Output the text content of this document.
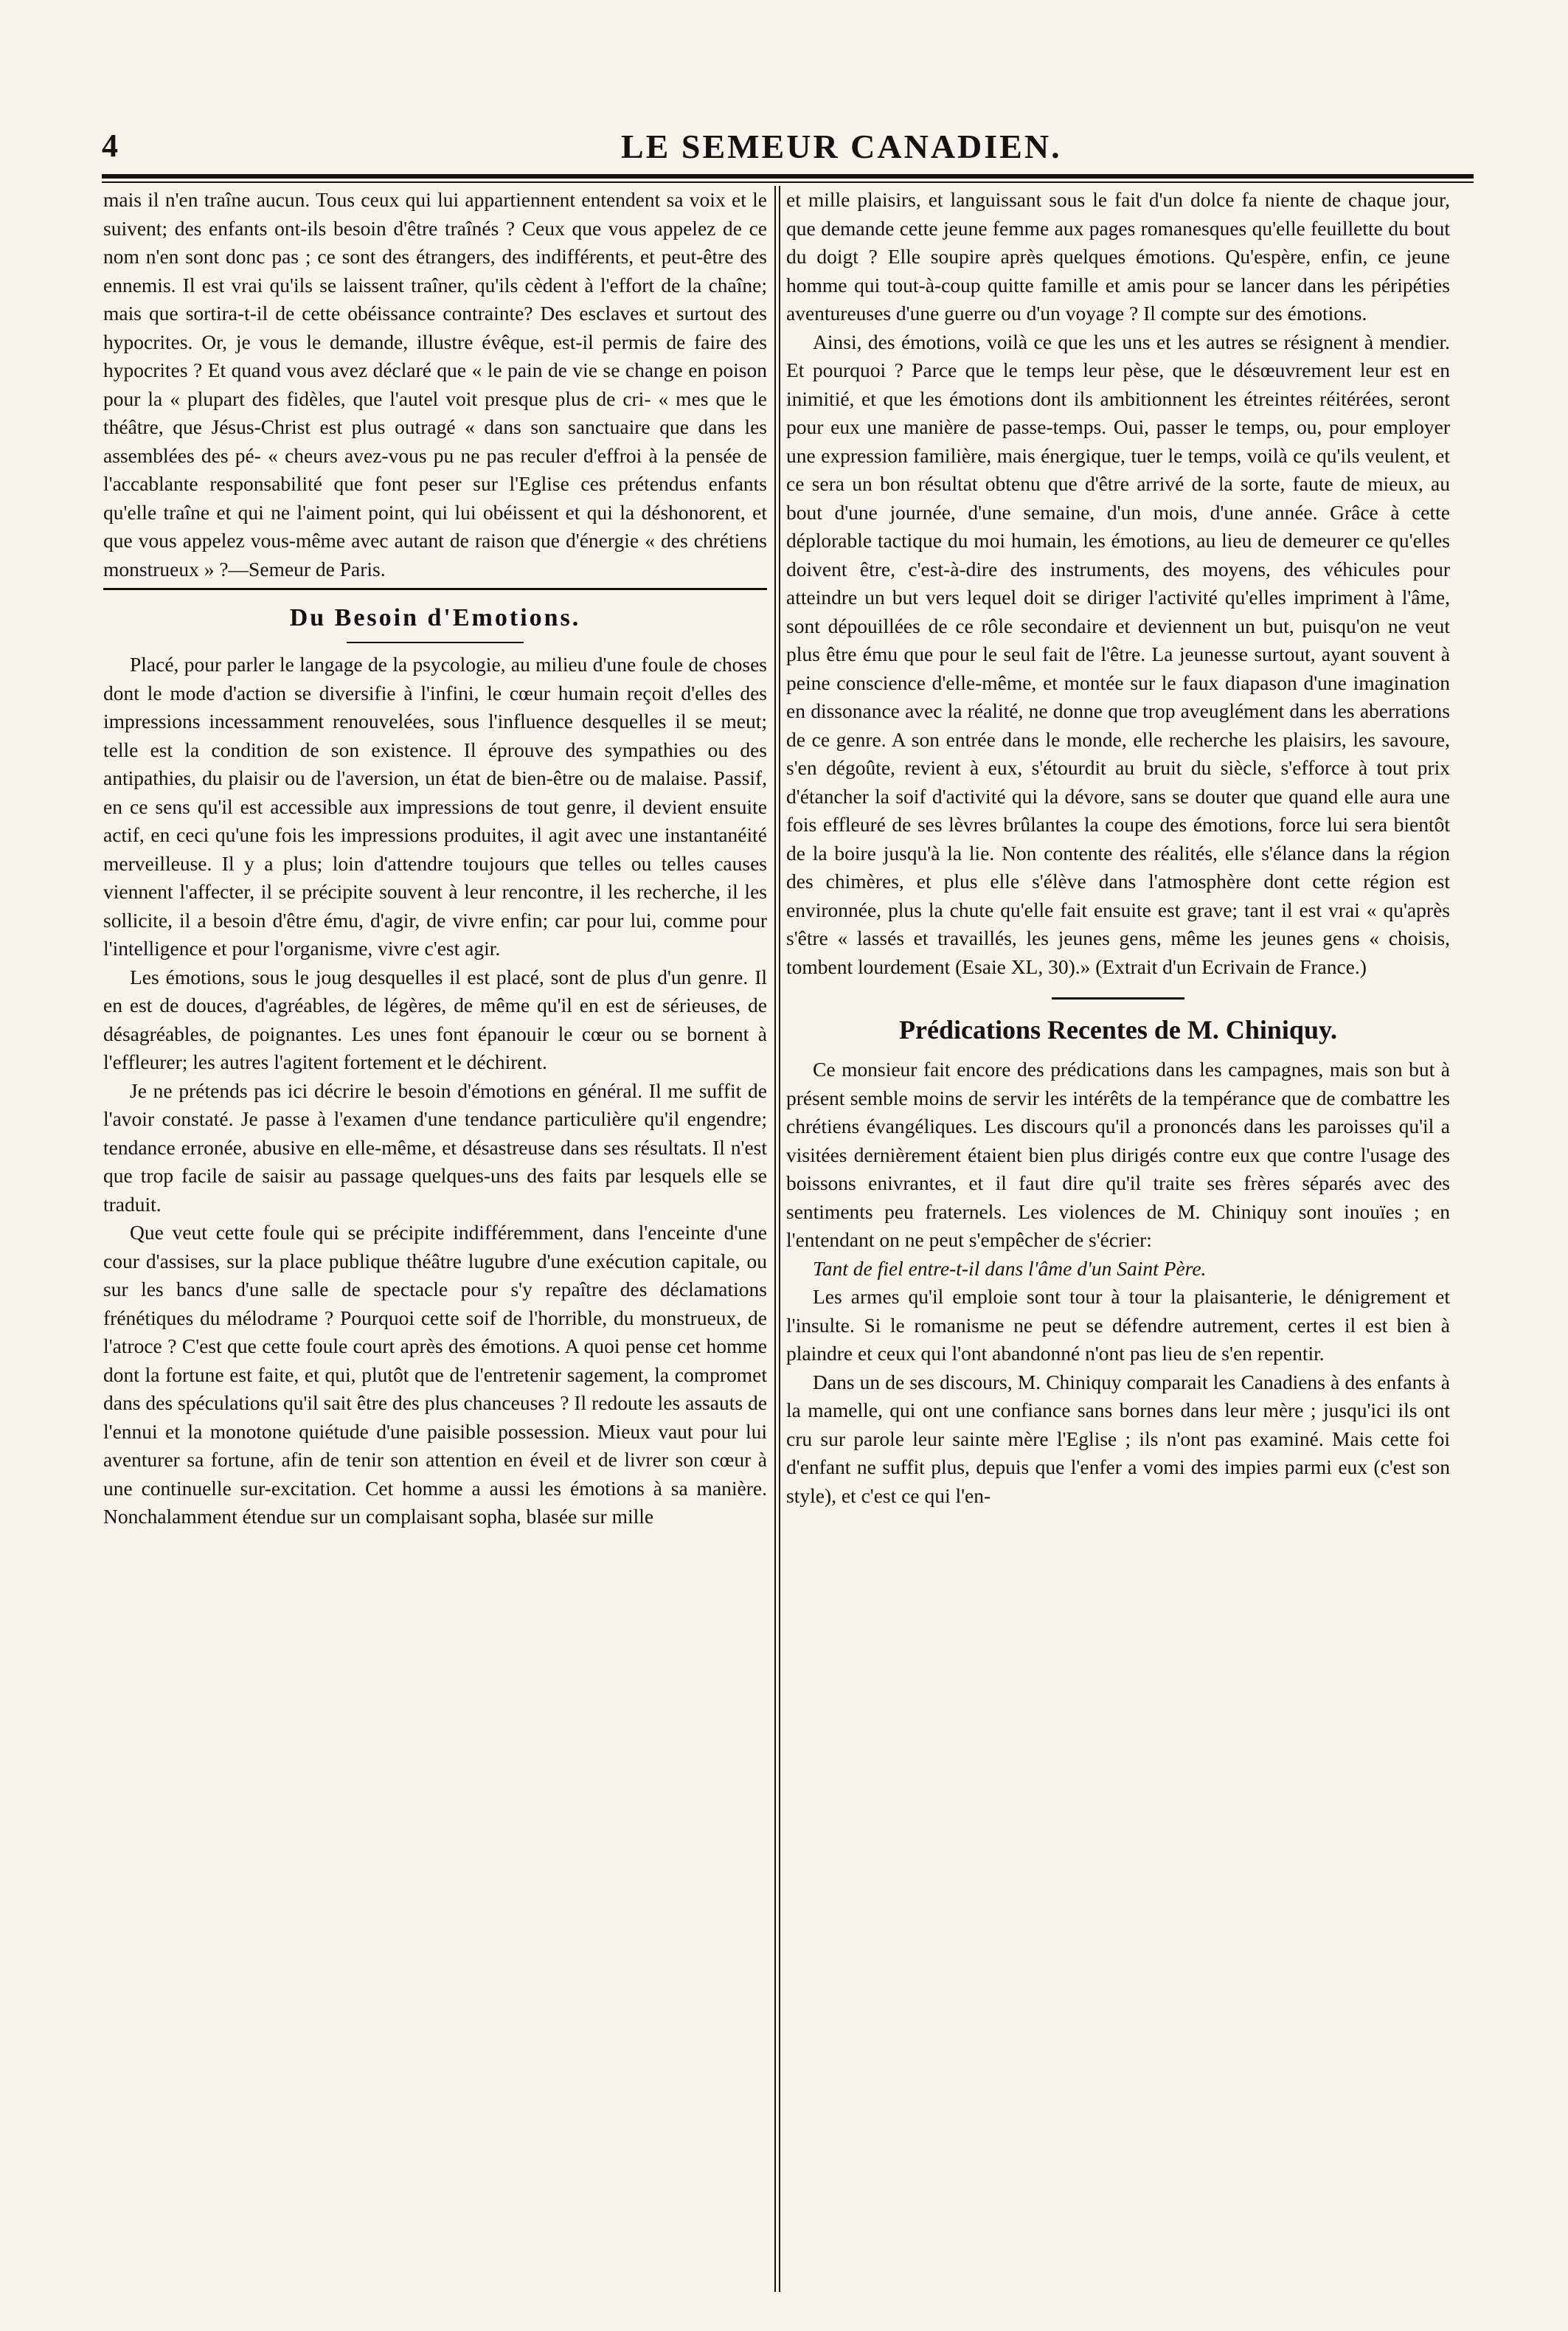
4	LE SEMEUR CANADIEN.

mais il n'en traîne aucun. Tous ceux qui lui appartiennent entendent sa voix et le suivent; des enfants ont-ils besoin d'être traînés ? Ceux que vous appelez de ce nom n'en sont donc pas ; ce sont des étrangers, des indifférents, et peut-être des ennemis. Il est vrai qu'ils se laissent traîner, qu'ils cèdent à l'effort de la chaîne; mais que sortira-t-il de cette obéissance contrainte? Des esclaves et surtout des hypocrites. Or, je vous le demande, illustre évêque, est-il permis de faire des hypocrites ? Et quand vous avez déclaré que « le pain de vie se change en poison pour la « plupart des fidèles, que l'autel voit presque plus de cri- « mes que le théâtre, que Jésus-Christ est plus outragé « dans son sanctuaire que dans les assemblées des pé- « cheurs avez-vous pu ne pas reculer d'effroi à la pensée de l'accablante responsabilité que font peser sur l'Eglise ces prétendus enfants qu'elle traîne et qui ne l'aiment point, qui lui obéissent et qui la déshonorent, et que vous appelez vous-même avec autant de raison que d'énergie « des chrétiens monstrueux » ?—Semeur de Paris.

Du Besoin d'Emotions.

Placé, pour parler le langage de la psycologie, au milieu d'une foule de choses dont le mode d'action se diversifie à l'infini, le cœur humain reçoit d'elles des impressions incessamment renouvelées, sous l'influence desquelles il se meut; telle est la condition de son existence. Il éprouve des sympathies ou des antipathies, du plaisir ou de l'aversion, un état de bien-être ou de malaise. Passif, en ce sens qu'il est accessible aux impressions de tout genre, il devient ensuite actif, en ceci qu'une fois les impressions produites, il agit avec une instantanéité merveilleuse. Il y a plus; loin d'attendre toujours que telles ou telles causes viennent l'affecter, il se précipite souvent à leur rencontre, il les recherche, il les sollicite, il a besoin d'être ému, d'agir, de vivre enfin; car pour lui, comme pour l'intelligence et pour l'organisme, vivre c'est agir.

Les émotions, sous le joug desquelles il est placé, sont de plus d'un genre. Il en est de douces, d'agréables, de légères, de même qu'il en est de sérieuses, de désagréables, de poignantes. Les unes font épanouir le cœur ou se bornent à l'effleurer; les autres l'agitent fortement et le déchirent.

Je ne prétends pas ici décrire le besoin d'émotions en général. Il me suffit de l'avoir constaté. Je passe à l'examen d'une tendance particulière qu'il engendre; tendance erronée, abusive en elle-même, et désastreuse dans ses résultats. Il n'est que trop facile de saisir au passage quelques-uns des faits par lesquels elle se traduit.

Que veut cette foule qui se précipite indifféremment, dans l'enceinte d'une cour d'assises, sur la place publique théâtre lugubre d'une exécution capitale, ou sur les bancs d'une salle de spectacle pour s'y repaître des déclamations frénétiques du mélodrame ? Pourquoi cette soif de l'horrible, du monstrueux, de l'atroce ? C'est que cette foule court après des émotions. A quoi pense cet homme dont la fortune est faite, et qui, plutôt que de l'entretenir sagement, la compromet dans des spéculations qu'il sait être des plus chanceuses ? Il redoute les assauts de l'ennui et la monotone quiétude d'une paisible possession. Mieux vaut pour lui aventurer sa fortune, afin de tenir son attention en éveil et de livrer son cœur à une continuelle sur-excitation. Cet homme a aussi les émotions à sa manière. Nonchalamment étendue sur un complaisant sopha, blasée sur mille

et mille plaisirs, et languissant sous le fait d'un dolce fa niente de chaque jour, que demande cette jeune femme aux pages romanesques qu'elle feuillette du bout du doigt ? Elle soupire après quelques émotions. Qu'espère, enfin, ce jeune homme qui tout-à-coup quitte famille et amis pour se lancer dans les péripéties aventureuses d'une guerre ou d'un voyage ? Il compte sur des émotions.

Ainsi, des émotions, voilà ce que les uns et les autres se résignent à mendier. Et pourquoi ? Parce que le temps leur pèse, que le désœuvrement leur est en inimitié, et que les émotions dont ils ambitionnent les étreintes réitérées, seront pour eux une manière de passe-temps. Oui, passer le temps, ou, pour employer une expression familière, mais énergique, tuer le temps, voilà ce qu'ils veulent, et ce sera un bon résultat obtenu que d'être arrivé de la sorte, faute de mieux, au bout d'une journée, d'une semaine, d'un mois, d'une année. Grâce à cette déplorable tactique du moi humain, les émotions, au lieu de demeurer ce qu'elles doivent être, c'est-à-dire des instruments, des moyens, des véhicules pour atteindre un but vers lequel doit se diriger l'activité qu'elles impriment à l'âme, sont dépouillées de ce rôle secondaire et deviennent un but, puisqu'on ne veut plus être ému que pour le seul fait de l'être. La jeunesse surtout, ayant souvent à peine conscience d'elle-même, et montée sur le faux diapason d'une imagination en dissonance avec la réalité, ne donne que trop aveuglément dans les aberrations de ce genre. A son entrée dans le monde, elle recherche les plaisirs, les savoure, s'en dégoûte, revient à eux, s'étourdit au bruit du siècle, s'efforce à tout prix d'étancher la soif d'activité qui la dévore, sans se douter que quand elle aura une fois effleuré de ses lèvres brûlantes la coupe des émotions, force lui sera bientôt de la boire jusqu'à la lie. Non contente des réalités, elle s'élance dans la région des chimères, et plus elle s'élève dans l'atmosphère dont cette région est environnée, plus la chute qu'elle fait ensuite est grave; tant il est vrai « qu'après s'être « lassés et travaillés, les jeunes gens, même les jeunes gens « choisis, tombent lourdement (Esaie XL, 30).» (Extrait d'un Ecrivain de France.)

Prédications Recentes de M. Chiniquy.

Ce monsieur fait encore des prédications dans les campagnes, mais son but à présent semble moins de servir les intérêts de la tempérance que de combattre les chrétiens évangéliques. Les discours qu'il a prononcés dans les paroisses qu'il a visitées dernièrement étaient bien plus dirigés contre eux que contre l'usage des boissons enivrantes, et il faut dire qu'il traite ses frères séparés avec des sentiments peu fraternels. Les violences de M. Chiniquy sont inouïes ; en l'entendant on ne peut s'empêcher de s'écrier:

Tant de fiel entre-t-il dans l'âme d'un Saint Père.

Les armes qu'il emploie sont tour à tour la plaisanterie, le dénigrement et l'insulte. Si le romanisme ne peut se défendre autrement, certes il est bien à plaindre et ceux qui l'ont abandonné n'ont pas lieu de s'en repentir.

Dans un de ses discours, M. Chiniquy comparait les Canadiens à des enfants à la mamelle, qui ont une confiance sans bornes dans leur mère ; jusqu'ici ils ont cru sur parole leur sainte mère l'Eglise ; ils n'ont pas examiné. Mais cette foi d'enfant ne suffit plus, depuis que l'enfer a vomi des impies parmi eux (c'est son style), et c'est ce qui l'en-
